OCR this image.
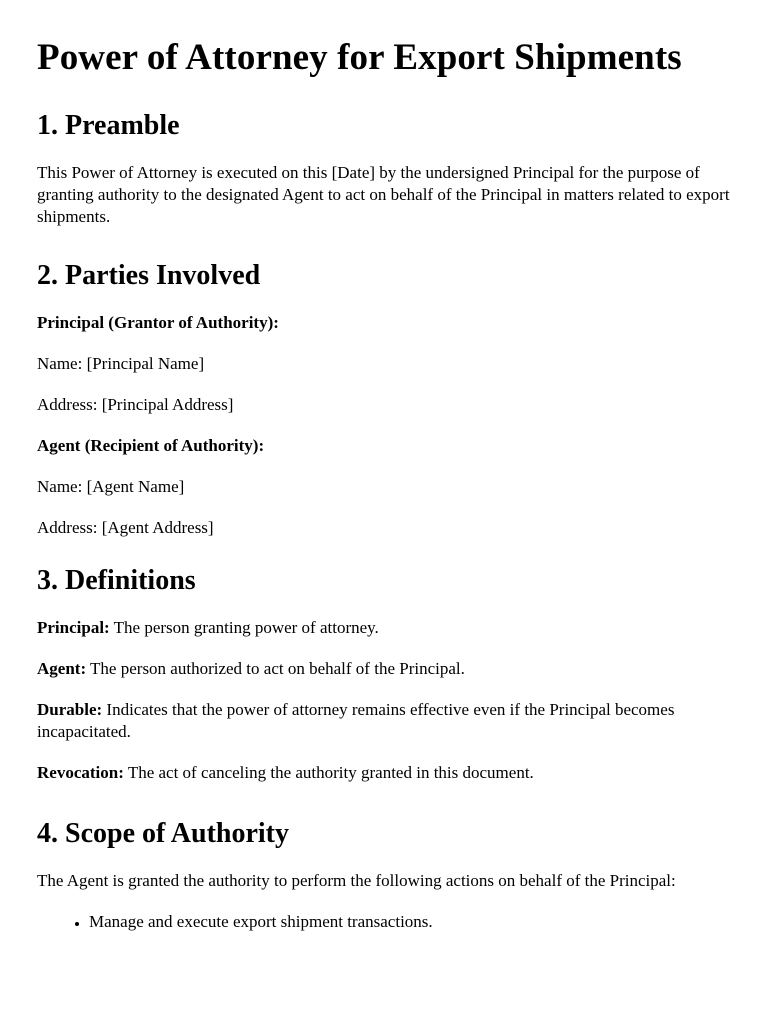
Power of Attorney for Export Shipments
1. Preamble

This Power of Attorney is executed on this [Date] by the undersigned Principal for the purpose of granting authority to the designated Agent to act on behalf of the Principal in matters related to export shipments.

2. Parties Involved

Principal (Grantor of Authority):

Name: [Principal Name]

Address: [Principal Address]

Agent (Recipient of Authority):

Name: [Agent Name]

Address: [Agent Address]

3. Definitions

Principal: The person granting power of attorney.

Agent: The person authorized to act on behalf of the Principal.

Durable: Indicates that the power of attorney remains effective even if the Principal becomes incapacitated.

Revocation: The act of canceling the authority granted in this document.

4. Scope of Authority

The Agent is granted the authority to perform the following actions on behalf of the Principal:

• Manage and execute export shipment transactions.
